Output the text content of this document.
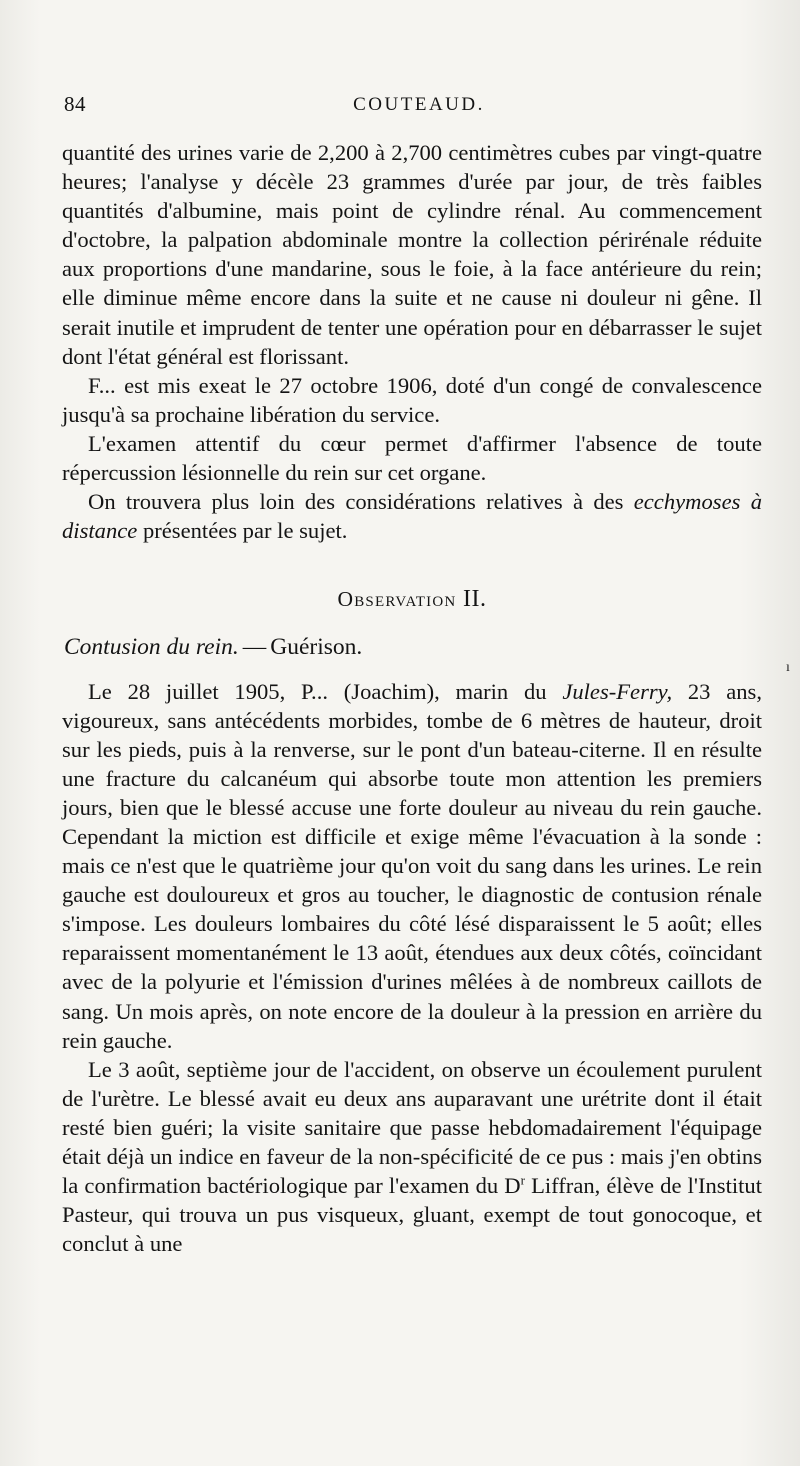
84	COUTEAUD.

quantité des urines varie de 2,200 à 2,700 centimètres cubes par vingt-quatre heures; l'analyse y décèle 23 grammes d'urée par jour, de très faibles quantités d'albumine, mais point de cylindre rénal. Au commencement d'octobre, la palpation abdominale montre la collection périrénale réduite aux proportions d'une mandarine, sous le foie, à la face antérieure du rein; elle diminue même encore dans la suite et ne cause ni douleur ni gêne. Il serait inutile et imprudent de tenter une opération pour en débarrasser le sujet dont l'état général est florissant.

F... est mis exeat le 27 octobre 1906, doté d'un congé de convalescence jusqu'à sa prochaine libération du service.

L'examen attentif du cœur permet d'affirmer l'absence de toute répercussion lésionnelle du rein sur cet organe.

On trouvera plus loin des considérations relatives à des ecchymoses à distance présentées par le sujet.

Observation II.

Contusion du rein. — Guérison.

Le 28 juillet 1905, P... (Joachim), marin du Jules-Ferry, 23 ans, vigoureux, sans antécédents morbides, tombe de 6 mètres de hauteur, droit sur les pieds, puis à la renverse, sur le pont d'un bateau-citerne. Il en résulte une fracture du calcanéum qui absorbe toute mon attention les premiers jours, bien que le blessé accuse une forte douleur au niveau du rein gauche. Cependant la miction est difficile et exige même l'évacuation à la sonde : mais ce n'est que le quatrième jour qu'on voit du sang dans les urines. Le rein gauche est douloureux et gros au toucher, le diagnostic de contusion rénale s'impose. Les douleurs lombaires du côté lésé disparaissent le 5 août; elles reparaissent momentanément le 13 août, étendues aux deux côtés, coïncidant avec de la polyurie et l'émission d'urines mêlées à de nombreux caillots de sang. Un mois après, on note encore de la douleur à la pression en arrière du rein gauche.

Le 3 août, septième jour de l'accident, on observe un écoulement purulent de l'urètre. Le blessé avait eu deux ans auparavant une urétrite dont il était resté bien guéri; la visite sanitaire que passe hebdomadairement l'équipage était déjà un indice en faveur de la non-spécificité de ce pus : mais j'en obtins la confirmation bactériologique par l'examen du $D^r$ Liffran, élève de l'Institut Pasteur, qui trouva un pus visqueux, gluant, exempt de tout gonocoque, et conclut à une

ı
